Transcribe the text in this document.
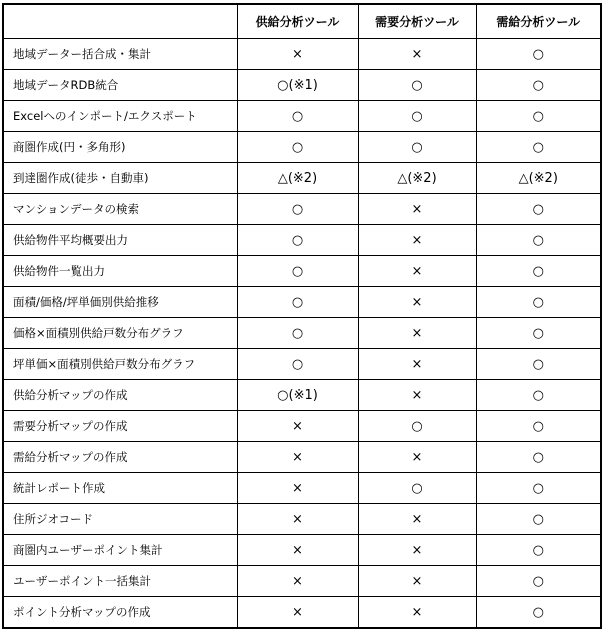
	供給分析ツール	需要分析ツール	需給分析ツール
地域データー括合成・集計	×	×	○
地域データRDB統合	○(※1)	○	○
Excelへのインポート/エクスポート	○	○	○
商圏作成(円・多角形)	○	○	○
到達圏作成(徒歩・自動車)	△(※2)	△(※2)	△(※2)
マンションデータの検索	○	×	○
供給物件平均概要出力	○	×	○
供給物件一覧出力	○	×	○
面積/価格/坪単価別供給推移	○	×	○
価格×面積別供給戸数分布グラフ	○	×	○
坪単価×面積別供給戸数分布グラフ	○	×	○
供給分析マップの作成	○(※1)	×	○
需要分析マップの作成	×	○	○
需給分析マップの作成	×	×	○
統計レポート作成	×	○	○
住所ジオコード	×	×	○
商圏内ユーザーポイント集計	×	×	○
ユーザーポイント一括集計	×	×	○
ポイント分析マップの作成	×	×	○
